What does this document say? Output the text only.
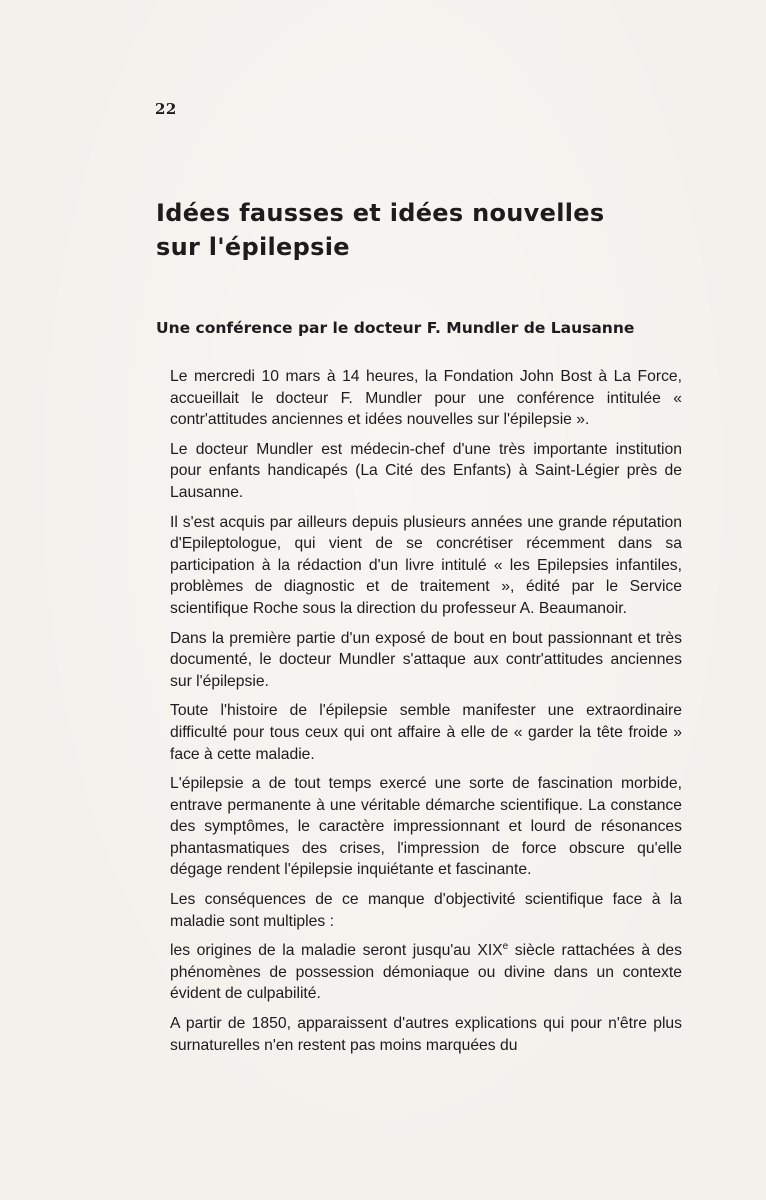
22
Idées fausses et idées nouvelles
sur l'épilepsie
Une conférence par le docteur F. Mundler de Lausanne

Le mercredi 10 mars à 14 heures, la Fondation John Bost à La Force, accueillait le docteur F. Mundler pour une conférence intitulée « contr'attitudes anciennes et idées nouvelles sur l'épilepsie ».

Le docteur Mundler est médecin-chef d'une très importante institution pour enfants handicapés (La Cité des Enfants) à Saint-Légier près de Lausanne.

Il s'est acquis par ailleurs depuis plusieurs années une grande réputation d'Epileptologue, qui vient de se concrétiser récemment dans sa participation à la rédaction d'un livre intitulé « les Epilepsies infantiles, problèmes de diagnostic et de traitement », édité par le Service scientifique Roche sous la direction du professeur A. Beaumanoir.

Dans la première partie d'un exposé de bout en bout passionnant et très documenté, le docteur Mundler s'attaque aux contr'attitudes anciennes sur l'épilepsie.

Toute l'histoire de l'épilepsie semble manifester une extraordinaire difficulté pour tous ceux qui ont affaire à elle de « garder la tête froide » face à cette maladie.

L'épilepsie a de tout temps exercé une sorte de fascination morbide, entrave permanente à une véritable démarche scientifique. La constance des symptômes, le caractère impressionnant et lourd de résonances phantasmatiques des crises, l'impression de force obscure qu'elle dégage rendent l'épilepsie inquiétante et fascinante.

Les conséquences de ce manque d'objectivité scientifique face à la maladie sont multiples :

les origines de la maladie seront jusqu'au XIXe siècle rattachées à des phénomènes de possession démoniaque ou divine dans un contexte évident de culpabilité.

A partir de 1850, apparaissent d'autres explications qui pour n'être plus surnaturelles n'en restent pas moins marquées du
